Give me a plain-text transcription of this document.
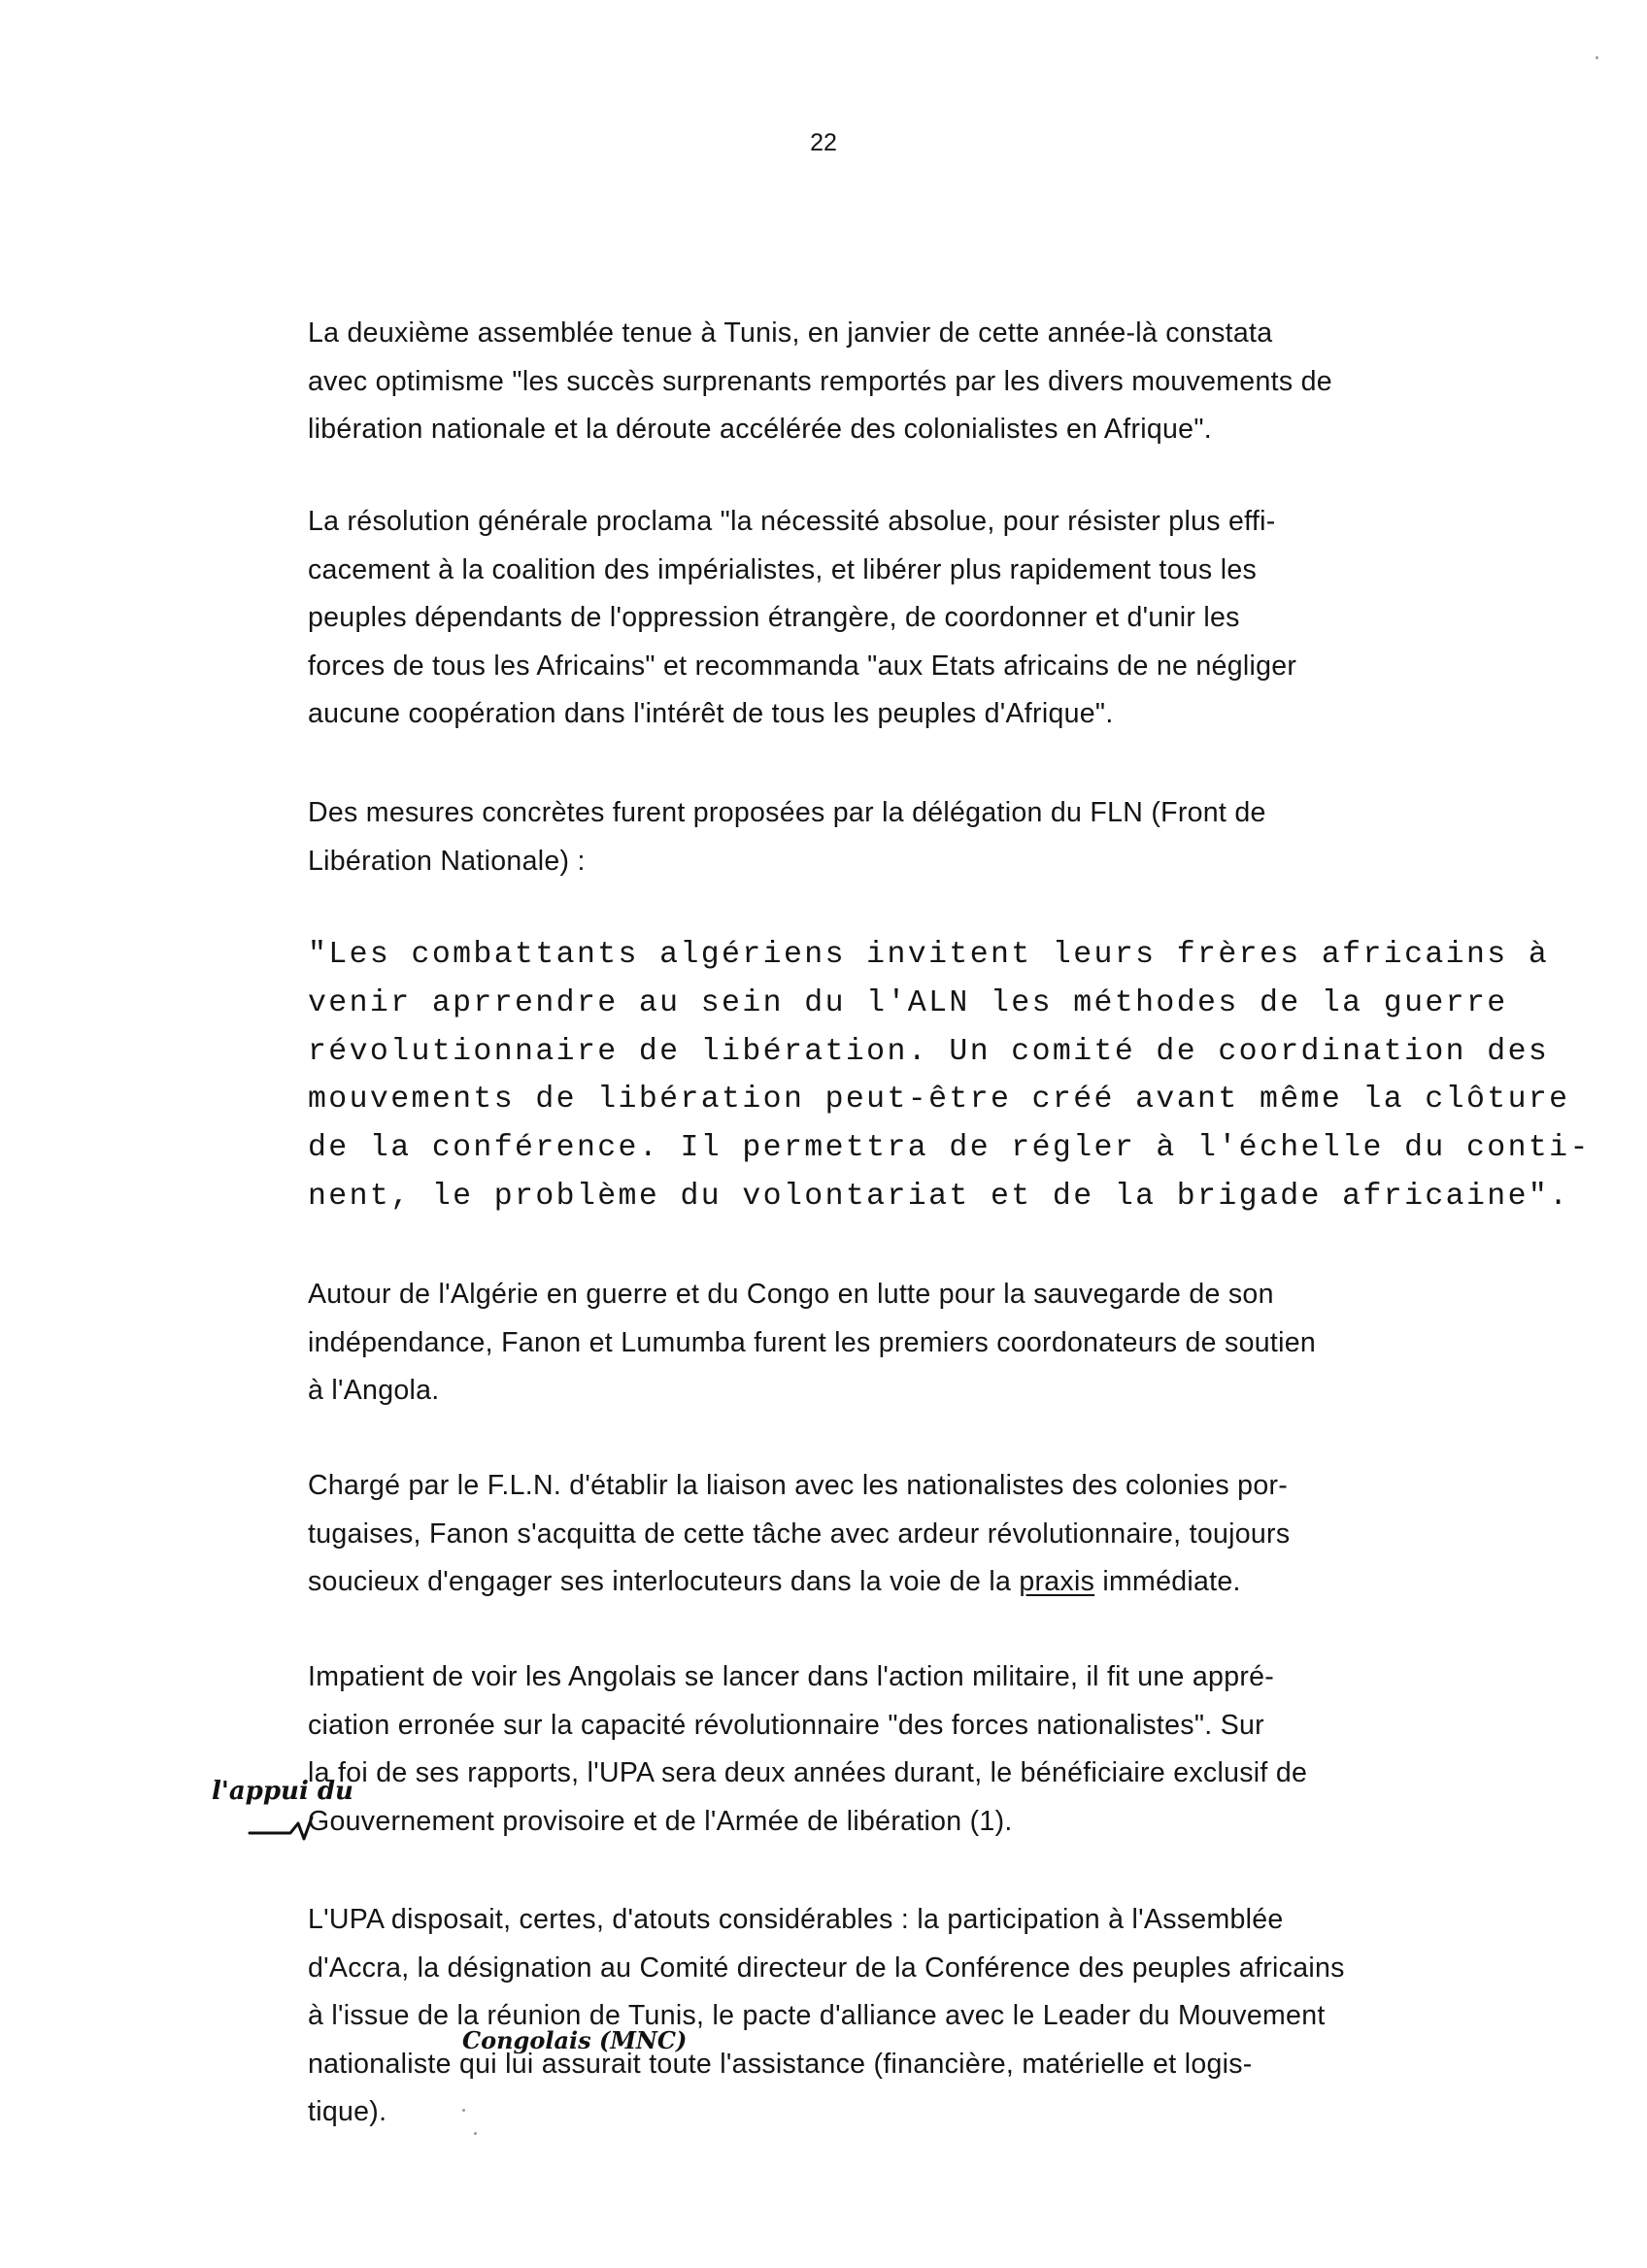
22
La deuxième assemblée tenue à Tunis, en janvier de cette année-là constata
avec optimisme "les succès surprenants remportés par les divers mouvements de
libération nationale et la déroute accélérée des colonialistes en Afrique".
La résolution générale proclama "la nécessité absolue, pour résister plus effi-
cacement à la coalition des impérialistes, et libérer plus rapidement tous les
peuples dépendants de l'oppression étrangère, de coordonner et d'unir les
forces de tous les Africains" et recommanda "aux Etats africains de ne négliger
aucune coopération dans l'intérêt de tous les peuples d'Afrique".
Des mesures concrètes furent proposées par la délégation du FLN (Front de
Libération Nationale) :
"Les combattants algériens invitent leurs frères africains à
venir aprrendre au sein du l'ALN les méthodes de la guerre
révolutionnaire de libération. Un comité de coordination des
mouvements de libération peut-être créé avant même la clôture
de la conférence. Il permettra de régler à l'échelle du conti-
nent, le problème du volontariat et de la brigade africaine".
Autour de l'Algérie en guerre et du Congo en lutte pour la sauvegarde de son
indépendance, Fanon et Lumumba furent les premiers coordonateurs de soutien
à l'Angola.
Chargé par le F.L.N. d'établir la liaison avec les nationalistes des colonies por-
tugaises, Fanon s'acquitta de cette tâche avec ardeur révolutionnaire, toujours
soucieux d'engager ses interlocuteurs dans la voie de la praxis immédiate.
Impatient de voir les Angolais se lancer dans l'action militaire, il fit une appré-
ciation erronée sur la capacité révolutionnaire "des forces nationalistes". Sur
la foi de ses rapports, l'UPA sera deux années durant, le bénéficiaire exclusif de
Gouvernement provisoire et de l'Armée de libération (1).
L'UPA disposait, certes, d'atouts considérables : la participation à l'Assemblée
d'Accra, la désignation au Comité directeur de la Conférence des peuples africains
à l'issue de la réunion de Tunis, le pacte d'alliance avec le Leader du Mouvement
nationaliste qui lui assurait toute l'assistance (financière, matérielle et logis-
tique).
l'appui du
Congolais (MNC)
